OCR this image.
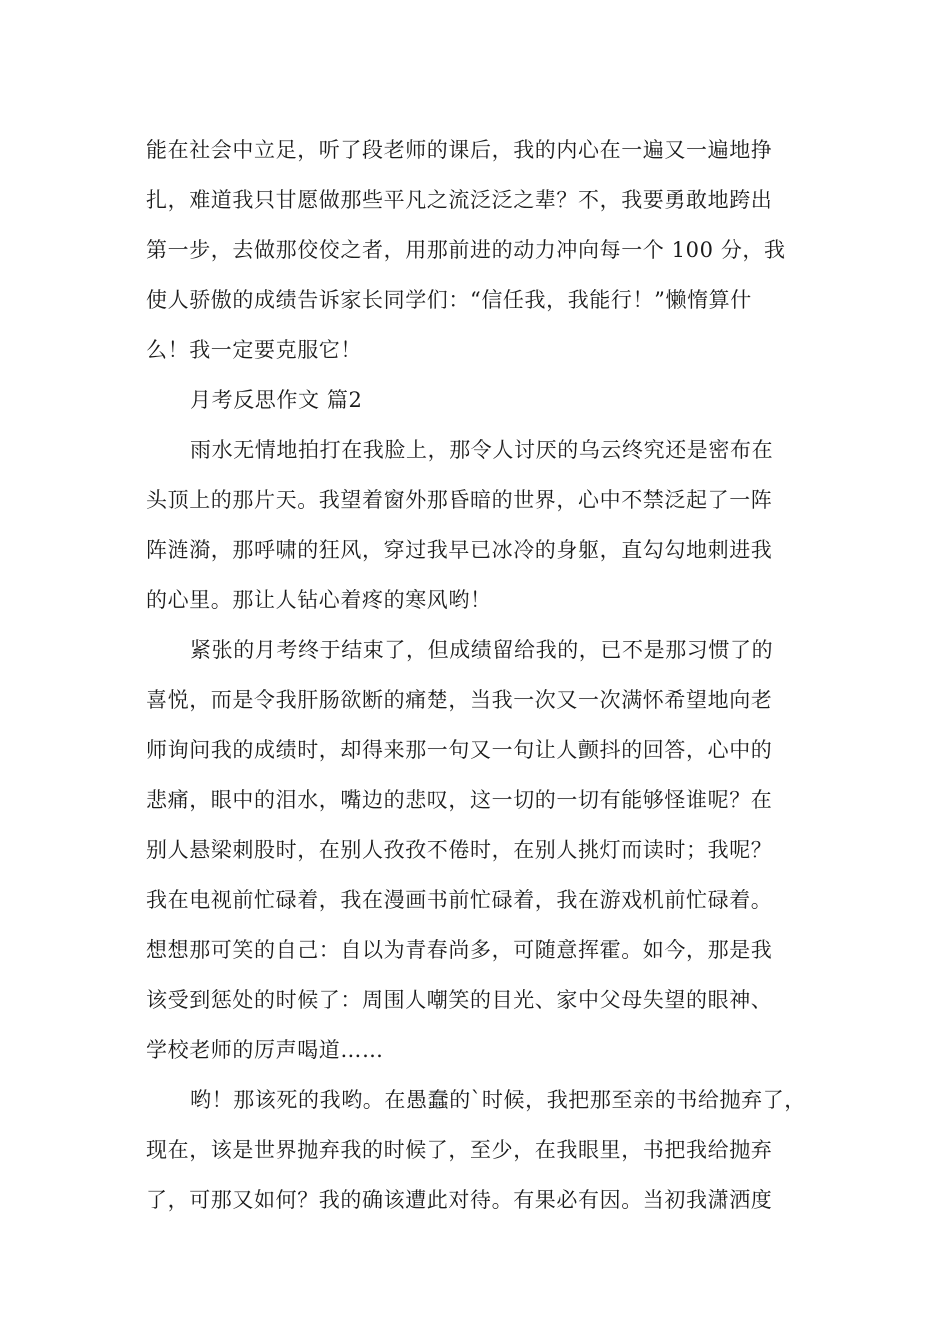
能在社会中立足，听了段老师的课后，我的内心在一遍又一遍地挣
扎，难道我只甘愿做那些平凡之流泛泛之辈？不，我要勇敢地跨出
第一步，去做那佼佼之者，用那前进的动力冲向每一个 100 分，我
使人骄傲的成绩告诉家长同学们：“信任我，我能行！”懒惰算什
么！我一定要克服它！
月考反思作文 篇2
雨水无情地拍打在我脸上，那令人讨厌的乌云终究还是密布在
头顶上的那片天。我望着窗外那昏暗的世界，心中不禁泛起了一阵
阵涟漪，那呼啸的狂风，穿过我早已冰冷的身躯，直勾勾地刺进我
的心里。那让人钻心着疼的寒风哟！
紧张的月考终于结束了，但成绩留给我的，已不是那习惯了的
喜悦，而是令我肝肠欲断的痛楚，当我一次又一次满怀希望地向老
师询问我的成绩时，却得来那一句又一句让人颤抖的回答，心中的
悲痛，眼中的泪水，嘴边的悲叹，这一切的一切有能够怪谁呢？在
别人悬梁刺股时，在别人孜孜不倦时，在别人挑灯而读时；我呢？
我在电视前忙碌着，我在漫画书前忙碌着，我在游戏机前忙碌着。
想想那可笑的自己：自以为青春尚多，可随意挥霍。如今，那是我
该受到惩处的时候了：周围人嘲笑的目光、家中父母失望的眼神、
学校老师的厉声喝道……
哟！那该死的我哟。在愚蠢的`时候，我把那至亲的书给抛弃了，
现在，该是世界抛弃我的时候了，至少，在我眼里，书把我给抛弃
了，可那又如何？我的确该遭此对待。有果必有因。当初我潇洒度
